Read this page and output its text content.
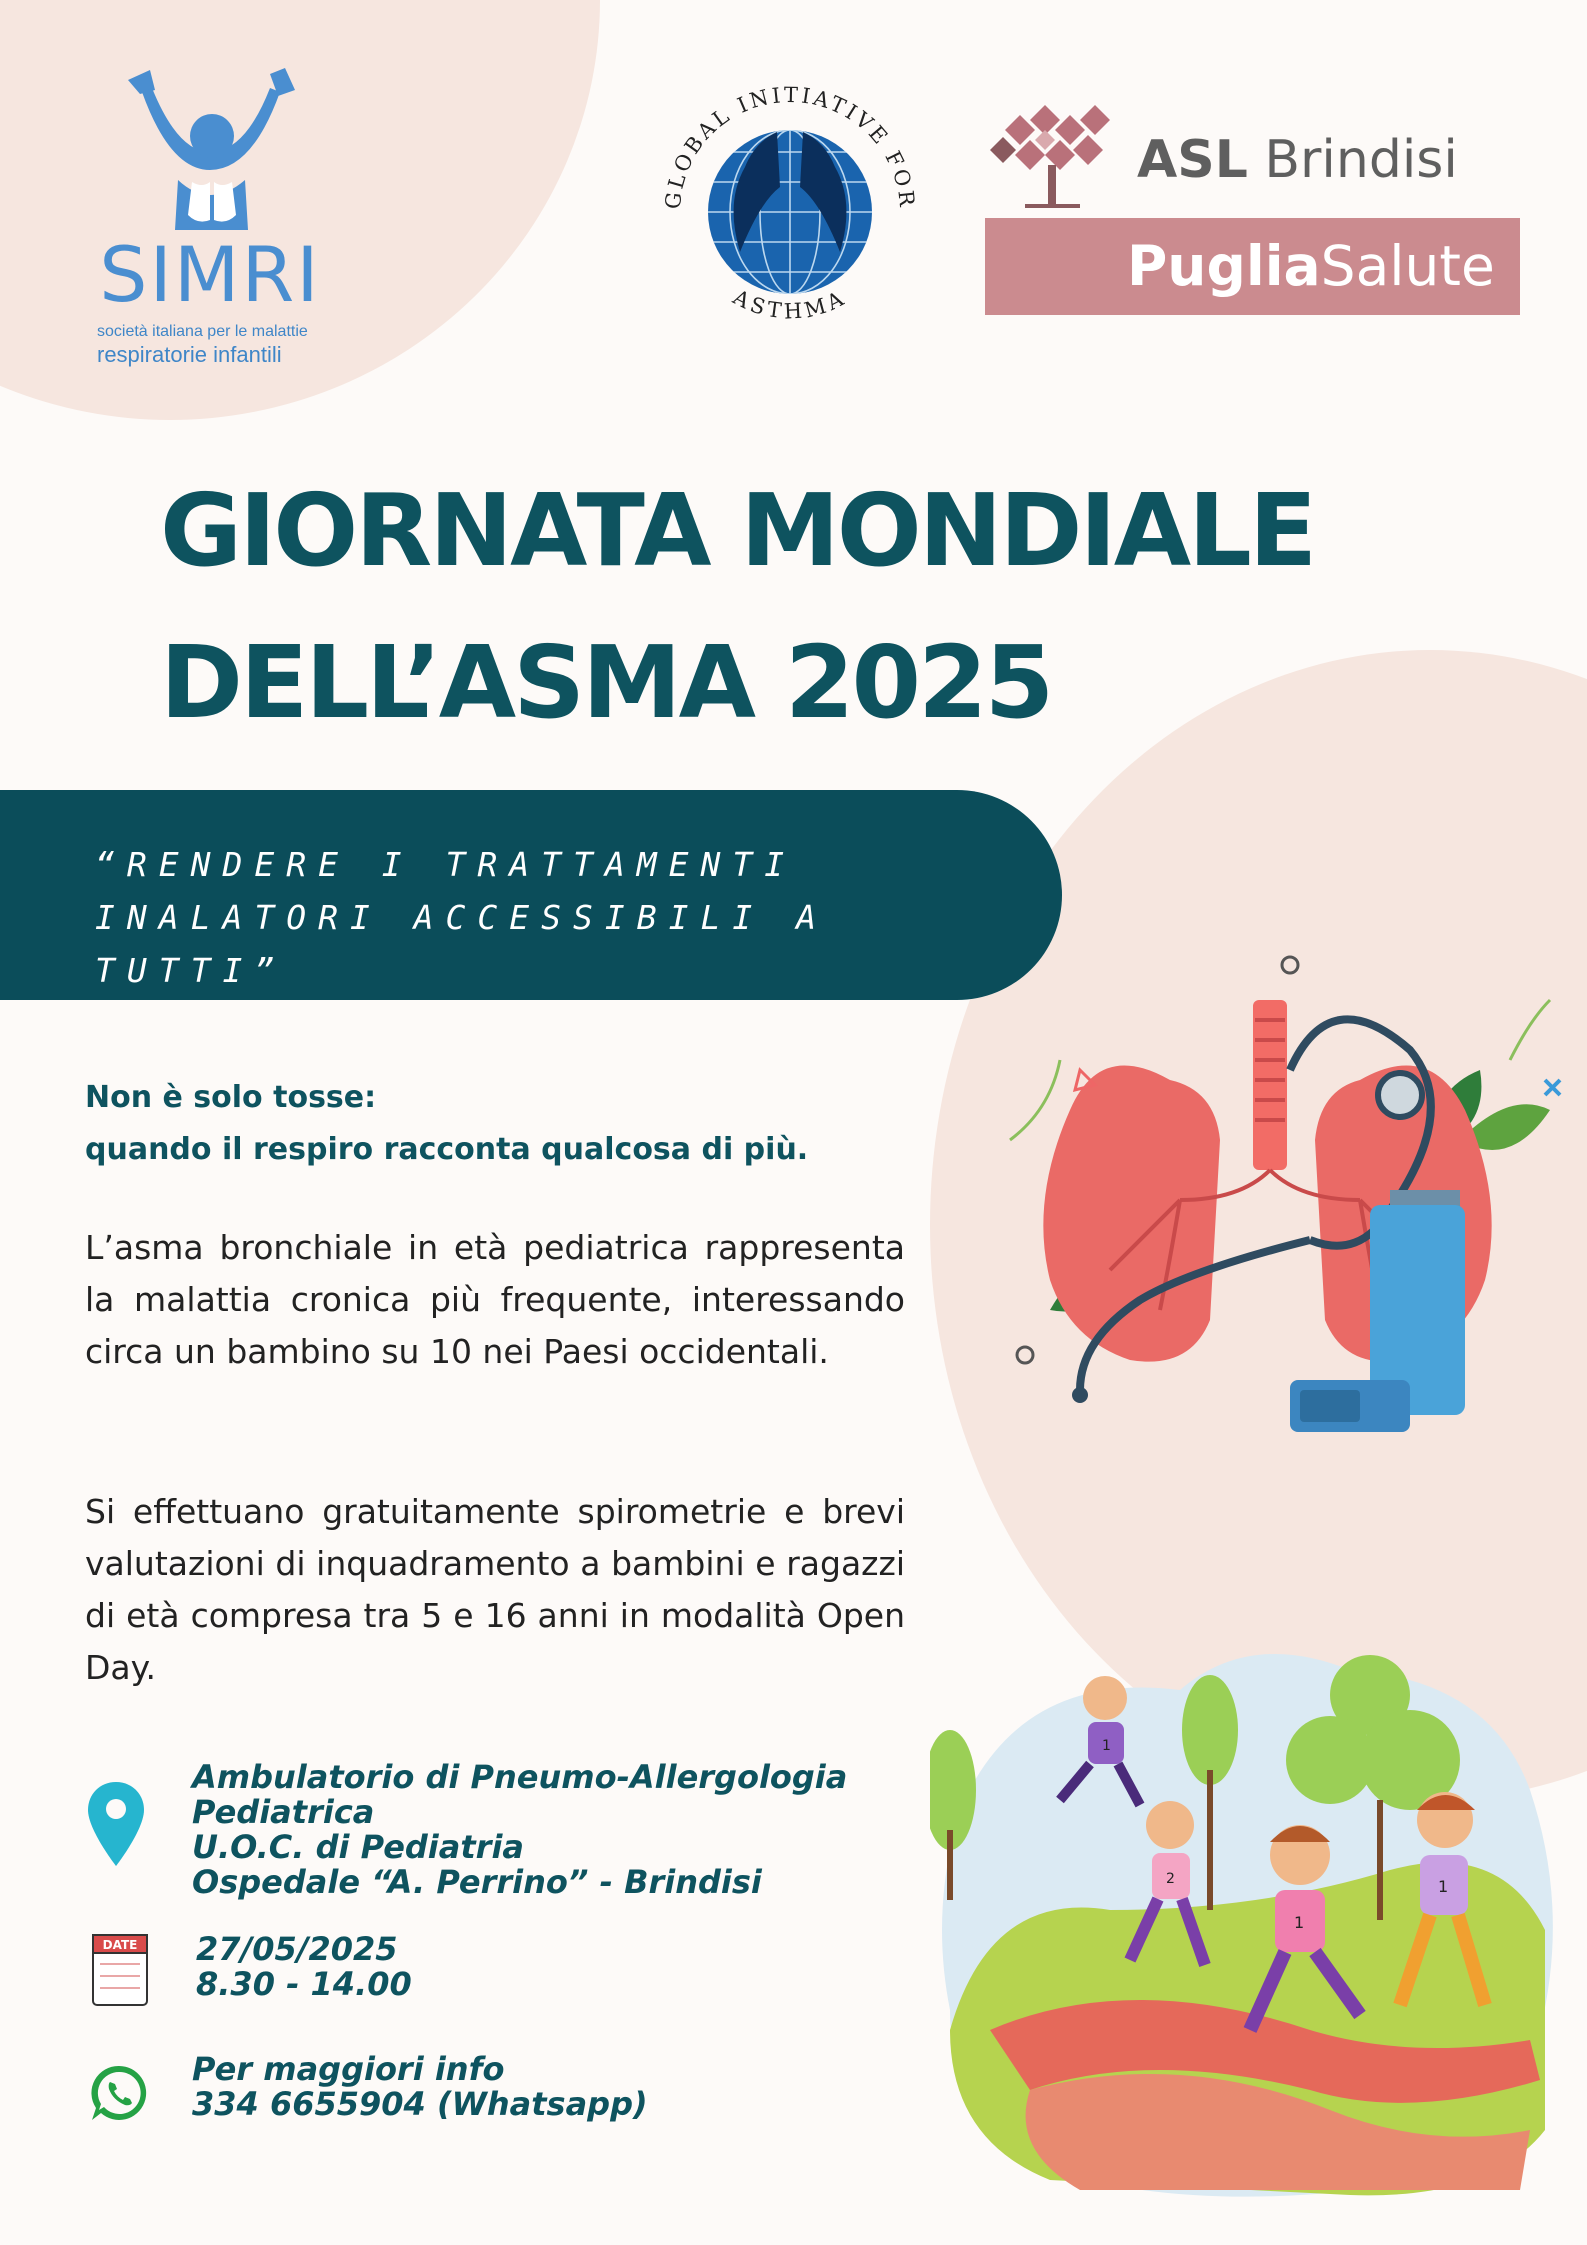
SIMRI
società italiana per le malattie
respiratorie infantili
GLOBAL INITIATIVE FOR
ASTHMA
ASL Brindisi
PugliaSalute
GIORNATA MONDIALE
DELL’ASMA 2025
“RENDERE I TRATTAMENTI
INALATORI ACCESSIBILI A TUTTI”
Non è solo tosse:
quando il respiro racconta qualcosa di più.
L’asma bronchiale in età pediatrica rappresenta la malattia cronica più frequente, interessando circa un bambino su 10 nei Paesi occidentali.
Si effettuano gratuitamente spirometrie e brevi valutazioni di inquadramento a bambini e ragazzi di età compresa tra 5 e 16 anni in modalità Open Day.
1
2
1
1
Ambulatorio di Pneumo-Allergologia
Pediatrica
U.O.C. di Pediatria
Ospedale “A. Perrino” - Brindisi
DATE 27/05/2025
8.30 - 14.00
Per maggiori info
334 6655904 (Whatsapp)
